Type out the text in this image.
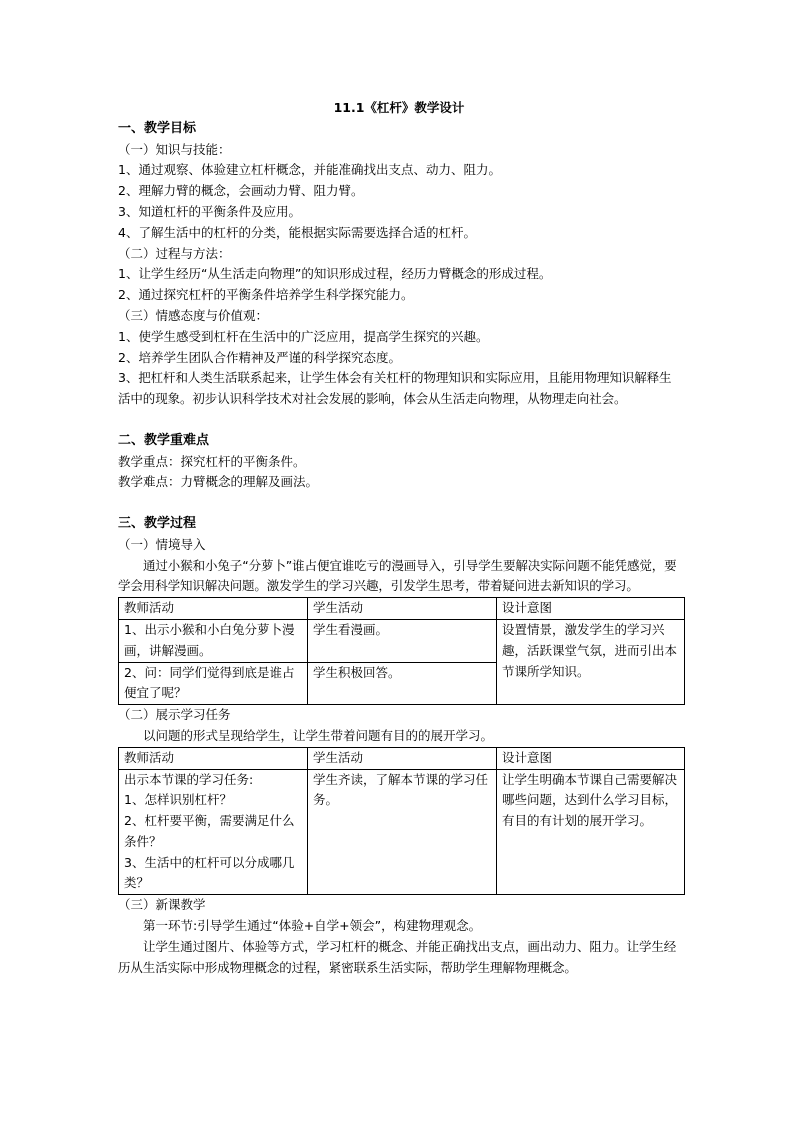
11.1《杠杆》教学设计
一、教学目标
（一）知识与技能：
1、通过观察、体验建立杠杆概念，并能准确找出支点、动力、阻力。
2、理解力臂的概念，会画动力臂、阻力臂。
3、知道杠杆的平衡条件及应用。
4、了解生活中的杠杆的分类，能根据实际需要选择合适的杠杆。
（二）过程与方法：
1、让学生经历“从生活走向物理”的知识形成过程，经历力臂概念的形成过程。
2、通过探究杠杆的平衡条件培养学生科学探究能力。
（三）情感态度与价值观：
1、使学生感受到杠杆在生活中的广泛应用，提高学生探究的兴趣。
2、培养学生团队合作精神及严谨的科学探究态度。
3、把杠杆和人类生活联系起来，让学生体会有关杠杆的物理知识和实际应用，且能用物理知识解释生活中的现象。初步认识科学技术对社会发展的影响，体会从生活走向物理，从物理走向社会。
二、教学重难点
教学重点：探究杠杆的平衡条件。
教学难点：力臂概念的理解及画法。
三、教学过程
（一）情境导入
通过小猴和小兔子“分萝卜”谁占便宜谁吃亏的漫画导入，引导学生要解决实际问题不能凭感觉，要学会用科学知识解决问题。激发学生的学习兴趣，引发学生思考，带着疑问进去新知识的学习。
教师活动	学生活动	设计意图
1、出示小猴和小白兔分萝卜漫画，讲解漫画。	学生看漫画。	设置情景，激发学生的学习兴趣，活跃课堂气氛，进而引出本节课所学知识。
2、问：同学们觉得到底是谁占便宜了呢？	学生积极回答。	
（二）展示学习任务
以问题的形式呈现给学生，让学生带着问题有目的的展开学习。
教师活动	学生活动	设计意图

出示本节课的学习任务:
1、怎样识别杠杆？
2、杠杆要平衡，需要满足什么条件？
3、生活中的杠杆可以分成哪几类？	学生齐读，了解本节课的学习任务。	让学生明确本节课自己需要解决哪些问题，达到什么学习目标，有目的有计划的展开学习。
（三）新课教学
第一环节:引导学生通过“体验+自学+领会”，构建物理观念。
让学生通过图片、体验等方式，学习杠杆的概念、并能正确找出支点，画出动力、阻力。让学生经历从生活实际中形成物理概念的过程，紧密联系生活实际，帮助学生理解物理概念。
